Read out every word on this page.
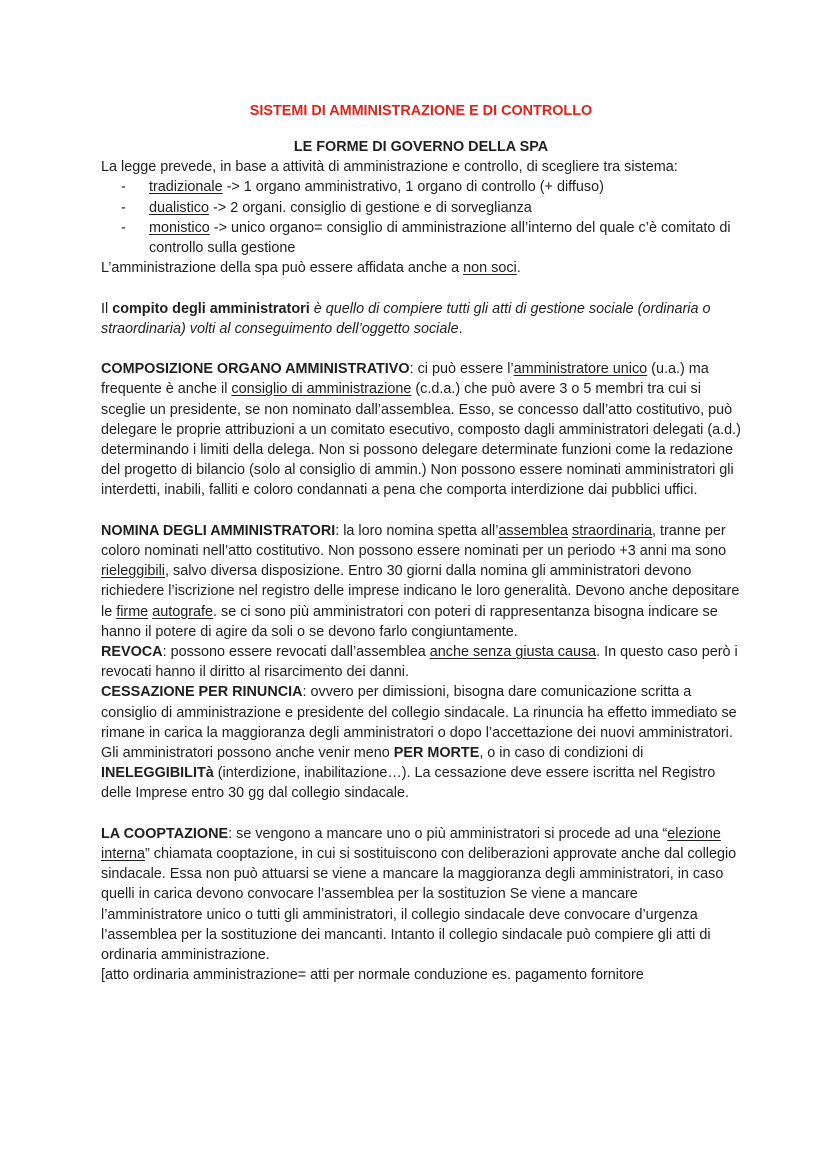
SISTEMI DI AMMINISTRAZIONE E DI CONTROLLO
LE FORME DI GOVERNO DELLA SPA

La legge prevede, in base a attività di amministrazione e controllo, di scegliere tra sistema:

- tradizionale -> 1 organo amministrativo, 1 organo di controllo (+ diffuso)
- dualistico -> 2 organi. consiglio di gestione e di sorveglianza
- monistico -> unico organo= consiglio di amministrazione all’interno del quale c’è comitato di controllo sulla gestione

L’amministrazione della spa può essere affidata anche a non soci.

Il compito degli amministratori è quello di compiere tutti gli atti di gestione sociale (ordinaria o straordinaria) volti al conseguimento dell’oggetto sociale.

COMPOSIZIONE ORGANO AMMINISTRATIVO: ci può essere l’amministratore unico (u.a.) ma frequente è anche il consiglio di amministrazione (c.d.a.) che può avere 3 o 5 membri tra cui si sceglie un presidente, se non nominato dall’assemblea. Esso, se concesso dall’atto costitutivo, può delegare le proprie attribuzioni a un comitato esecutivo, composto dagli amministratori delegati (a.d.) determinando i limiti della delega. Non si possono delegare determinate funzioni come la redazione del progetto di bilancio (solo al consiglio di ammin.) Non possono essere nominati amministratori gli interdetti, inabili, falliti e coloro condannati a pena che comporta interdizione dai pubblici uffici.

NOMINA DEGLI AMMINISTRATORI: la loro nomina spetta all’assemblea straordinaria, tranne per coloro nominati nell’atto costitutivo. Non possono essere nominati per un periodo +3 anni ma sono rieleggibili, salvo diversa disposizione. Entro 30 giorni dalla nomina gli amministratori devono richiedere l’iscrizione nel registro delle imprese indicano le loro generalità. Devono anche depositare le firme autografe. se ci sono più amministratori con poteri di rappresentanza bisogna indicare se hanno il potere di agire da soli o se devono farlo congiuntamente.

REVOCA: possono essere revocati dall’assemblea anche senza giusta causa. In questo caso però i revocati hanno il diritto al risarcimento dei danni.

CESSAZIONE PER RINUNCIA: ovvero per dimissioni, bisogna dare comunicazione scritta a consiglio di amministrazione e presidente del collegio sindacale. La rinuncia ha effetto immediato se rimane in carica la maggioranza degli amministratori o dopo l’accettazione dei nuovi amministratori.

Gli amministratori possono anche venir meno PER MORTE, o in caso di condizioni di INELEGGIBILITà (interdizione, inabilitazione…). La cessazione deve essere iscritta nel Registro delle Imprese entro 30 gg dal collegio sindacale.

LA COOPTAZIONE: se vengono a mancare uno o più amministratori si procede ad una “elezione interna” chiamata cooptazione, in cui si sostituiscono con deliberazioni approvate anche dal collegio sindacale. Essa non può attuarsi se viene a mancare la maggioranza degli amministratori, in caso quelli in carica devono convocare l’assemblea per la sostituzion Se viene a mancare l’amministratore unico o tutti gli amministratori, il collegio sindacale deve convocare d’urgenza l’assemblea per la sostituzione dei mancanti. Intanto il collegio sindacale può compiere gli atti di ordinaria amministrazione.

[atto ordinaria amministrazione= atti per normale conduzione es. pagamento fornitore
